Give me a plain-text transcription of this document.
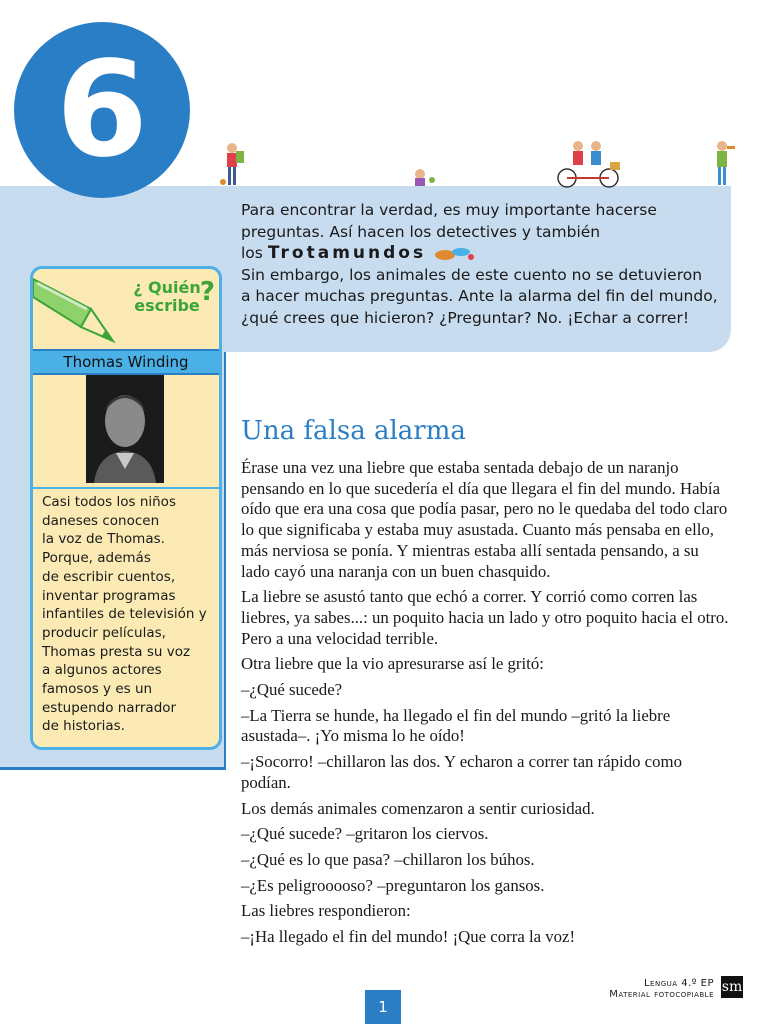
6

Para encontrar la verdad, es muy importante hacerse

preguntas. Así hacen los detectives y también

los Trotamundos

Sin embargo, los animales de este cuento no se detuvieron

a hacer muchas preguntas. Ante la alarma del fin del mundo,

¿qué crees que hicieron? ¿Preguntar? No. ¡Echar a correr!

¿ Quién escribe ?
Thomas Winding
Casi todos los niños
daneses conocen
la voz de Thomas.
Porque, además
de escribir cuentos,
inventar programas
infantiles de televisión y
producir películas,
Thomas presta su voz
a algunos actores
famosos y es un
estupendo narrador
de historias.
Una falsa alarma

Érase una vez una liebre que estaba sentada debajo de un naranjo pensando en lo que sucedería el día que llegara el fin del mundo. Había oído que era una cosa que podía pasar, pero no le quedaba del todo claro lo que significaba y estaba muy asustada. Cuanto más pensaba en ello, más nerviosa se ponía. Y mientras estaba allí sentada pensando, a su lado cayó una naranja con un buen chasquido.

La liebre se asustó tanto que echó a correr. Y corrió como corren las liebres, ya sabes...: un poquito hacia un lado y otro poquito hacia el otro. Pero a una velocidad terrible.

Otra liebre que la vio apresurarse así le gritó:

–¿Qué sucede?

–La Tierra se hunde, ha llegado el fin del mundo –gritó la liebre asustada–. ¡Yo misma lo he oído!

–¡Socorro! –chillaron las dos. Y echaron a correr tan rápido como podían.

Los demás animales comenzaron a sentir curiosidad.

–¿Qué sucede? –gritaron los ciervos.

–¿Qué es lo que pasa? –chillaron los búhos.

–¿Es peligrooooso? –preguntaron los gansos.

Las liebres respondieron:

–¡Ha llegado el fin del mundo! ¡Que corra la voz!

Lengua 4.º EP
Material fotocopiable sm
1
